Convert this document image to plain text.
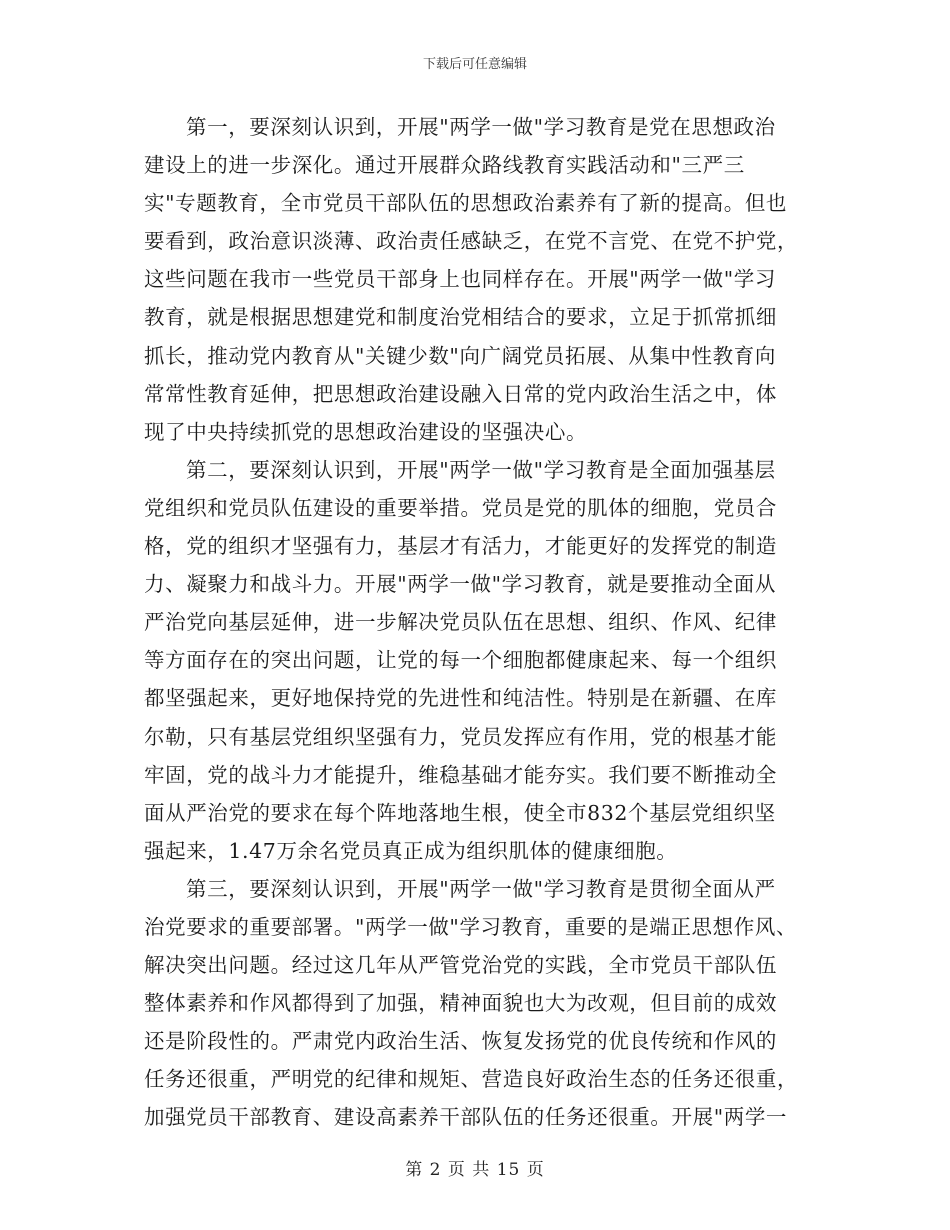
下载后可任意编辑
第一，要深刻认识到，开展"两学一做"学习教育是党在思想政治
建设上的进一步深化。通过开展群众路线教育实践活动和"三严三
实"专题教育，全市党员干部队伍的思想政治素养有了新的提高。但也
要看到，政治意识淡薄、政治责任感缺乏，在党不言党、在党不护党，
这些问题在我市一些党员干部身上也同样存在。开展"两学一做"学习
教育，就是根据思想建党和制度治党相结合的要求，立足于抓常抓细
抓长，推动党内教育从"关键少数"向广阔党员拓展、从集中性教育向
常常性教育延伸，把思想政治建设融入日常的党内政治生活之中，体
现了中央持续抓党的思想政治建设的坚强决心。
第二，要深刻认识到，开展"两学一做"学习教育是全面加强基层
党组织和党员队伍建设的重要举措。党员是党的肌体的细胞，党员合
格，党的组织才坚强有力，基层才有活力，才能更好的发挥党的制造
力、凝聚力和战斗力。开展"两学一做"学习教育，就是要推动全面从
严治党向基层延伸，进一步解决党员队伍在思想、组织、作风、纪律
等方面存在的突出问题，让党的每一个细胞都健康起来、每一个组织
都坚强起来，更好地保持党的先进性和纯洁性。特别是在新疆、在库
尔勒，只有基层党组织坚强有力，党员发挥应有作用，党的根基才能
牢固，党的战斗力才能提升，维稳基础才能夯实。我们要不断推动全
面从严治党的要求在每个阵地落地生根，使全市832个基层党组织坚
强起来，1.47万余名党员真正成为组织肌体的健康细胞。
第三，要深刻认识到，开展"两学一做"学习教育是贯彻全面从严
治党要求的重要部署。"两学一做"学习教育，重要的是端正思想作风、
解决突出问题。经过这几年从严管党治党的实践，全市党员干部队伍
整体素养和作风都得到了加强，精神面貌也大为改观，但目前的成效
还是阶段性的。严肃党内政治生活、恢复发扬党的优良传统和作风的
任务还很重，严明党的纪律和规矩、营造良好政治生态的任务还很重，
加强党员干部教育、建设高素养干部队伍的任务还很重。开展"两学一
第 2 页 共 15 页
